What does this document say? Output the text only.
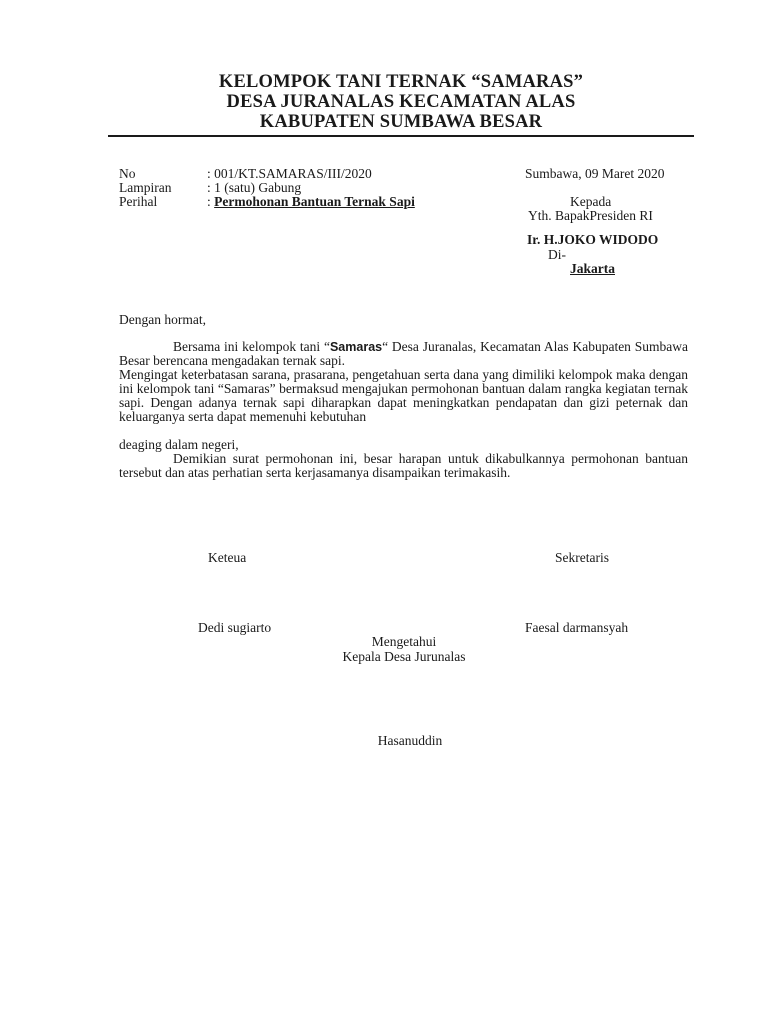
KELOMPOK TANI TERNAK “SAMARAS”
DESA JURANALAS KECAMATAN ALAS
KABUPATEN SUMBAWA BESAR
No	: 001/KT.SAMARAS/III/2020
Lampiran	: 1 (satu) Gabung
Perihal	: Permohonan Bantuan Ternak Sapi
Sumbawa, 09 Maret 2020
Kepada
Yth. BapakPresiden RI
Ir. H.JOKO WIDODO
Di-
Jakarta
Dengan hormat,

Bersama ini kelompok tani “Samaras“ Desa Juranalas, Kecamatan Alas Kabupaten Sumbawa Besar berencana mengadakan ternak sapi.

Mengingat keterbatasan sarana, prasarana, pengetahuan serta dana yang dimiliki kelompok maka dengan ini kelompok tani “Samaras” bermaksud mengajukan permohonan bantuan dalam rangka kegiatan ternak sapi. Dengan adanya ternak sapi diharapkan dapat meningkatkan pendapatan dan gizi peternak dan keluarganya serta dapat memenuhi kebutuhan

deaging dalam negeri,

Demikian surat permohonan ini, besar harapan untuk dikabulkannya permohonan bantuan tersebut dan atas perhatian serta kerjasamanya disampaikan terimakasih.

Keteua	Sekretaris
Dedi sugiarto	Faesal darmansyah
Mengetahui
Kepala Desa Jurunalas
Hasanuddin
